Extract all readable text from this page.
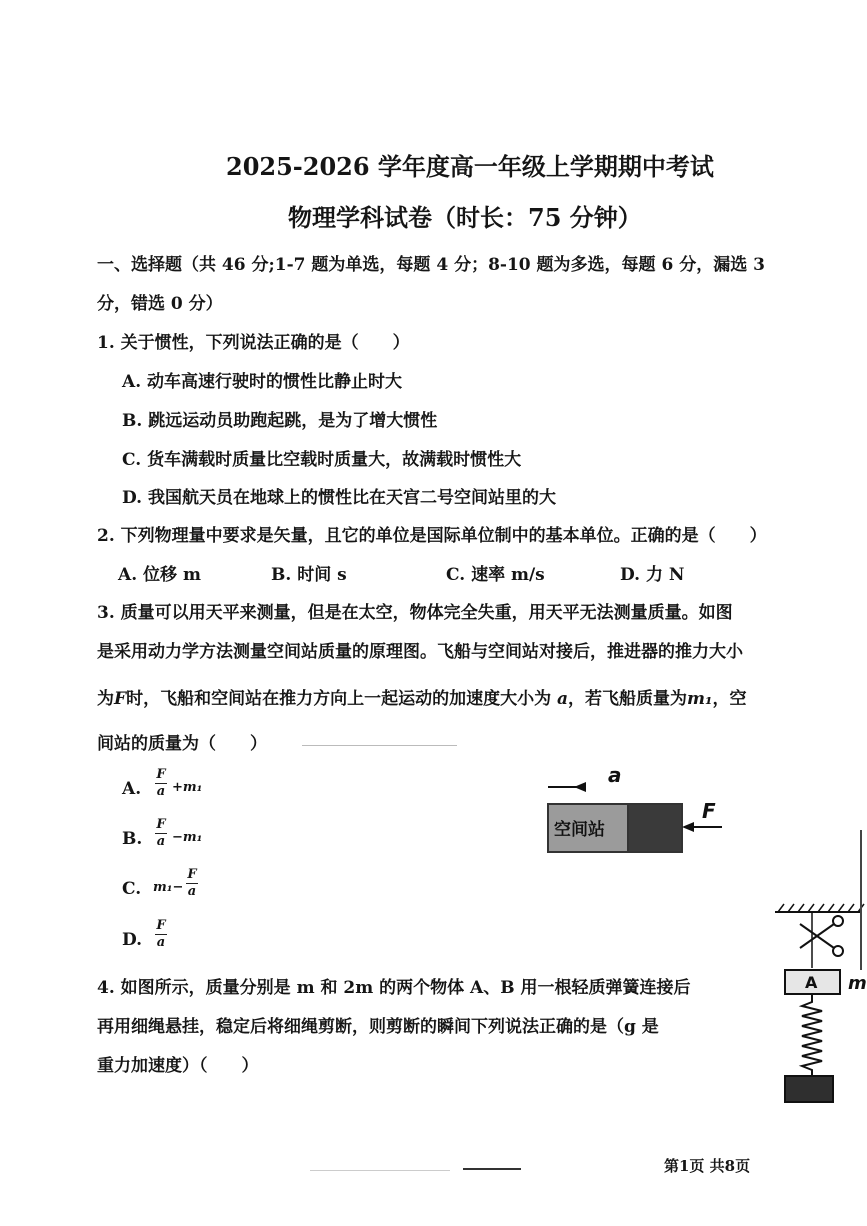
2025-2026 学年度高一年级上学期期中考试
物理学科试卷（时长：75 分钟）
一、选择题（共 46 分;1-7 题为单选，每题 4 分；8-10 题为多选，每题 6 分，漏选 3
分，错选 0 分）
1. 关于惯性，下列说法正确的是（　　）
A. 动车高速行驶时的惯性比静止时大
B. 跳远运动员助跑起跳，是为了增大惯性
C. 货车满载时质量比空载时质量大，故满载时惯性大
D. 我国航天员在地球上的惯性比在天宫二号空间站里的大
2. 下列物理量中要求是矢量，且它的单位是国际单位制中的基本单位。正确的是（　　）
A. 位移 m	B. 时间 s	C. 速率 m/s	D. 力 N
3. 质量可以用天平来测量，但是在太空，物体完全失重，用天平无法测量质量。如图
是采用动力学方法测量空间站质量的原理图。飞船与空间站对接后，推进器的推力大小
为F时，飞船和空间站在推力方向上一起运动的加速度大小为 a，若飞船质量为m₁，空
间站的质量为（　　）
A.
F
a +m₁
B.
F
a −m₁
C. m₁−
F
a
D.
F
a
a
空间站
F
4. 如图所示，质量分别是 m 和 2m 的两个物体 A、B 用一根轻质弹簧连接后
再用细绳悬挂，稳定后将细绳剪断，则剪断的瞬间下列说法正确的是（g 是
重力加速度）（　　）
A m
第1页 共8页
